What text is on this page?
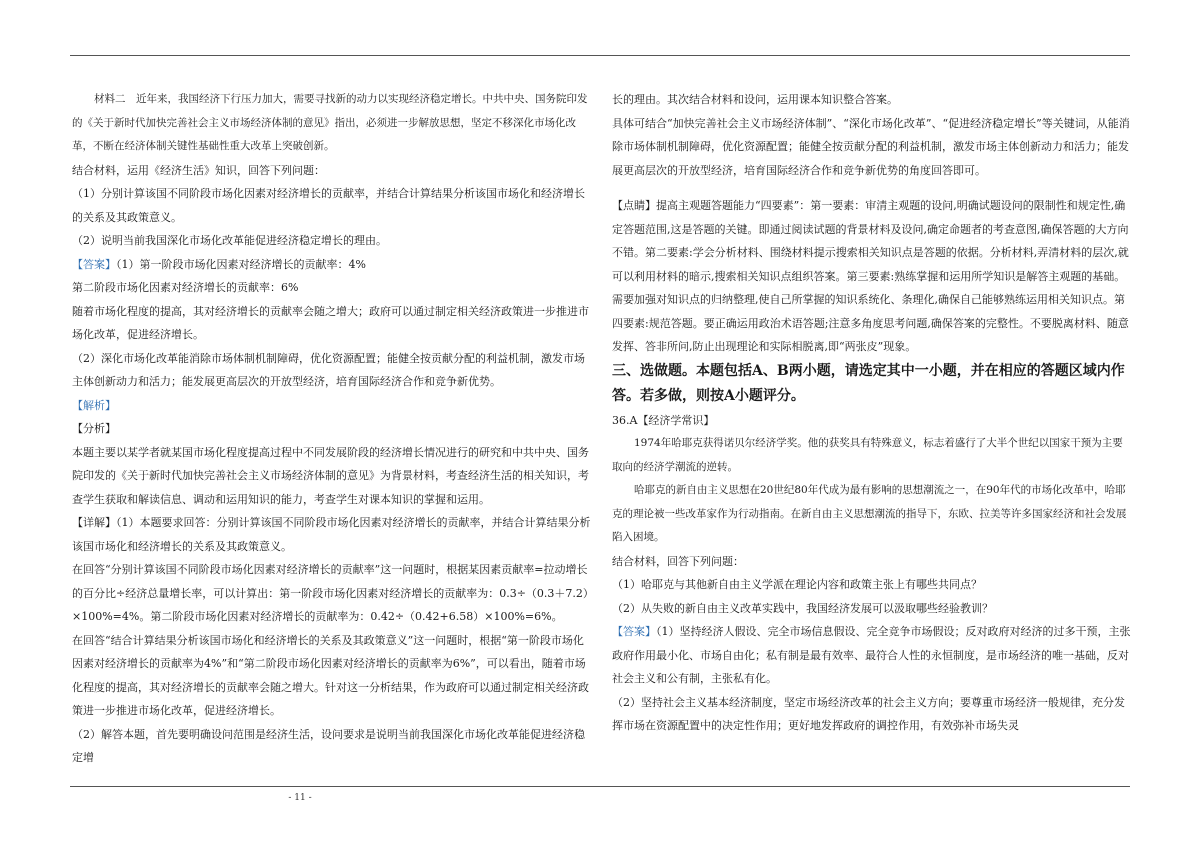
材料二　近年来，我国经济下行压力加大，需要寻找新的动力以实现经济稳定增长。中共中央、国务院印发的《关于新时代加快完善社会主义市场经济体制的意见》指出，必须进一步解放思想，坚定不移深化市场化改革，不断在经济体制关键性基础性重大改革上突破创新。

结合材料，运用《经济生活》知识，回答下列问题：

（1）分别计算该国不同阶段市场化因素对经济增长的贡献率，并结合计算结果分析该国市场化和经济增长的关系及其政策意义。

（2）说明当前我国深化市场化改革能促进经济稳定增长的理由。

【答案】（1）第一阶段市场化因素对经济增长的贡献率：4%

第二阶段市场化因素对经济增长的贡献率：6%

随着市场化程度的提高，其对经济增长的贡献率会随之增大；政府可以通过制定相关经济政策进一步推进市场化改革，促进经济增长。

（2）深化市场化改革能消除市场体制机制障碍，优化资源配置；能健全按贡献分配的利益机制，激发市场主体创新动力和活力；能发展更高层次的开放型经济，培育国际经济合作和竞争新优势。

【解析】

【分析】

本题主要以某学者就某国市场化程度提高过程中不同发展阶段的经济增长情况进行的研究和中共中央、国务院印发的《关于新时代加快完善社会主义市场经济体制的意见》为背景材料，考查经济生活的相关知识，考查学生获取和解读信息、调动和运用知识的能力，考查学生对课本知识的掌握和运用。

【详解】（1）本题要求回答：分别计算该国不同阶段市场化因素对经济增长的贡献率，并结合计算结果分析该国市场化和经济增长的关系及其政策意义。

在回答“分别计算该国不同阶段市场化因素对经济增长的贡献率”这一问题时，根据某因素贡献率=拉动增长的百分比÷经济总量增长率，可以计算出：第一阶段市场化因素对经济增长的贡献率为：0.3÷（0.3＋7.2）×100%=4%。第二阶段市场化因素对经济增长的贡献率为：0.42÷（0.42+6.58）×100%=6%。

在回答“结合计算结果分析该国市场化和经济增长的关系及其政策意义”这一问题时，根据“第一阶段市场化因素对经济增长的贡献率为4%”和“第二阶段市场化因素对经济增长的贡献率为6%”，可以看出，随着市场化程度的提高，其对经济增长的贡献率会随之增大。针对这一分析结果，作为政府可以通过制定相关经济政策进一步推进市场化改革，促进经济增长。

（2）解答本题，首先要明确设问范围是经济生活，设问要求是说明当前我国深化市场化改革能促进经济稳定增

长的理由。其次结合材料和设问，运用课本知识整合答案。

具体可结合“加快完善社会主义市场经济体制”、“深化市场化改革”、“促进经济稳定增长”等关键词，从能消除市场体制机制障碍，优化资源配置；能健全按贡献分配的利益机制，激发市场主体创新动力和活力；能发展更高层次的开放型经济，培育国际经济合作和竞争新优势的角度回答即可。

【点睛】提高主观题答题能力“四要素”：第一要素：审清主观题的设问,明确试题设问的限制性和规定性,确定答题范围,这是答题的关键。即通过阅读试题的背景材料及设问,确定命题者的考查意图,确保答题的大方向不错。第二要素:学会分析材料、围绕材料提示搜索相关知识点是答题的依据。分析材料,弄清材料的层次,就可以利用材料的暗示,搜索相关知识点组织答案。第三要素:熟练掌握和运用所学知识是解答主观题的基础。需要加强对知识点的归纳整理,使自己所掌握的知识系统化、条理化,确保自己能够熟练运用相关知识点。第四要素:规范答题。要正确运用政治术语答题;注意多角度思考问题,确保答案的完整性。不要脱离材料、随意发挥、答非所问,防止出现理论和实际相脱离,即“两张皮”现象。

三、选做题。本题包括A、B两小题，请选定其中一小题，并在相应的答题区域内作答。若多做，则按A小题评分。

36.A【经济学常识】

1974年哈耶克获得诺贝尔经济学奖。他的获奖具有特殊意义，标志着盛行了大半个世纪以国家干预为主要取向的经济学潮流的逆转。

哈耶克的新自由主义思想在20世纪80年代成为最有影响的思想潮流之一，在90年代的市场化改革中，哈耶克的理论被一些改革家作为行动指南。在新自由主义思想潮流的指导下，东欧、拉美等许多国家经济和社会发展陷入困境。

结合材料，回答下列问题：

（1）哈耶克与其他新自由主义学派在理论内容和政策主张上有哪些共同点？

（2）从失败的新自由主义改革实践中，我国经济发展可以汲取哪些经验教训？

【答案】（1）坚持经济人假设、完全市场信息假设、完全竞争市场假设；反对政府对经济的过多干预，主张政府作用最小化、市场自由化；私有制是最有效率、最符合人性的永恒制度，是市场经济的唯一基础，反对社会主义和公有制，主张私有化。

（2）坚持社会主义基本经济制度，坚定市场经济改革的社会主义方向；要尊重市场经济一般规律，充分发挥市场在资源配置中的决定性作用；更好地发挥政府的调控作用，有效弥补市场失灵

- 11 -
